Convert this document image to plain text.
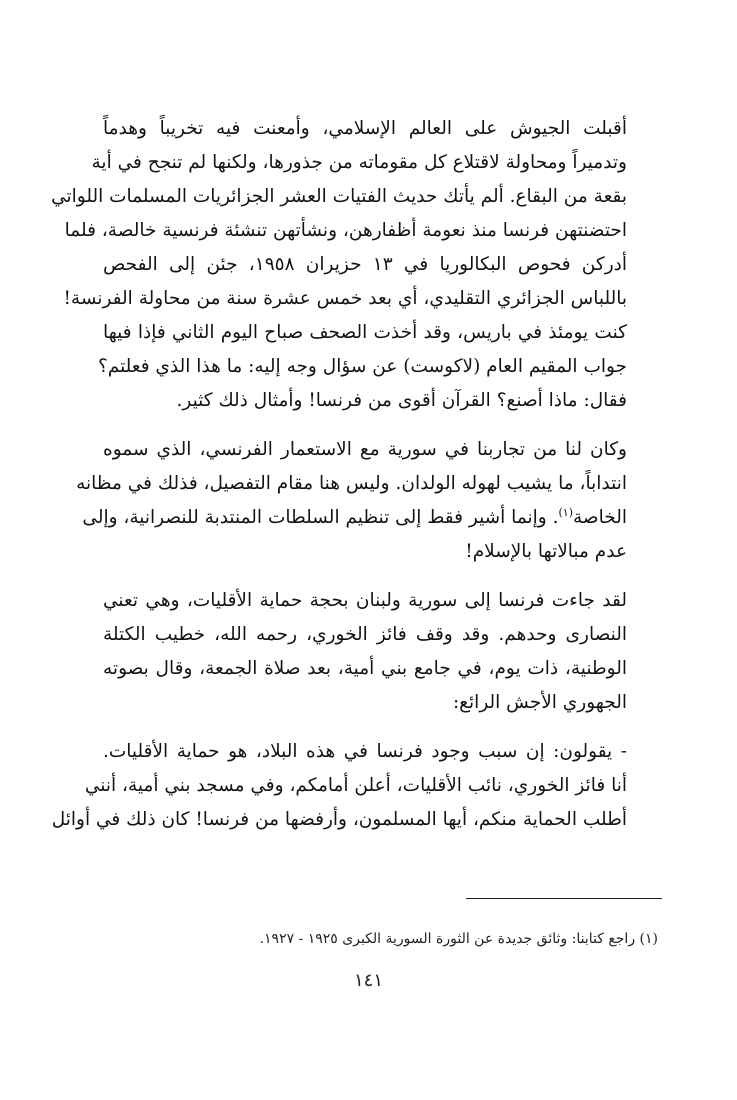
أقبلت الجيوش على العالم الإسلامي، وأمعنت فيه تخريباً وهدماً
وتدميراً ومحاولة لاقتلاع كل مقوماته من جذورها، ولكنها لم تنجح في أية
بقعة من البقاع. ألم يأتك حديث الفتيات العشر الجزائريات المسلمات اللواتي
احتضنتهن فرنسا منذ نعومة أظفارهن، ونشأتهن تنشئة فرنسية خالصة، فلما
أدركن فحوص البكالوريا في ١٣ حزيران ١٩٥٨، جئن إلى الفحص
باللباس الجزائري التقليدي، أي بعد خمس عشرة سنة من محاولة الفرنسة!
كنت يومئذ في باريس، وقد أخذت الصحف صباح اليوم الثاني فإذا فيها
جواب المقيم العام (لاكوست) عن سؤال وجه إليه: ما هذا الذي فعلتم؟
فقال: ماذا أصنع؟ القرآن أقوى من فرنسا! وأمثال ذلك كثير.

وكان لنا من تجاربنا في سورية مع الاستعمار الفرنسي، الذي سموه
انتداباً، ما يشيب لهوله الولدان. وليس هنا مقام التفصيل، فذلك في مظانه
الخاصة$^{(١)}$. وإنما أشير فقط إلى تنظيم السلطات المنتدبة للنصرانية، وإلى
عدم مبالاتها بالإسلام!

لقد جاءت فرنسا إلى سورية ولبنان بحجة حماية الأقليات، وهي تعني
النصارى وحدهم. وقد وقف فائز الخوري، رحمه الله، خطيب الكتلة
الوطنية، ذات يوم، في جامع بني أمية، بعد صلاة الجمعة، وقال بصوته
الجهوري الأجش الرائع:

- يقولون: إن سبب وجود فرنسا في هذه البلاد، هو حماية الأقليات.
أنا فائز الخوري، نائب الأقليات، أعلن أمامكم، وفي مسجد بني أمية، أنني
أطلب الحماية منكم، أيها المسلمون، وأرفضها من فرنسا! كان ذلك في أوائل

(١) راجع كتابنا: وثائق جديدة عن الثورة السورية الكبرى ١٩٢٥ - ١٩٢٧.
١٤١
